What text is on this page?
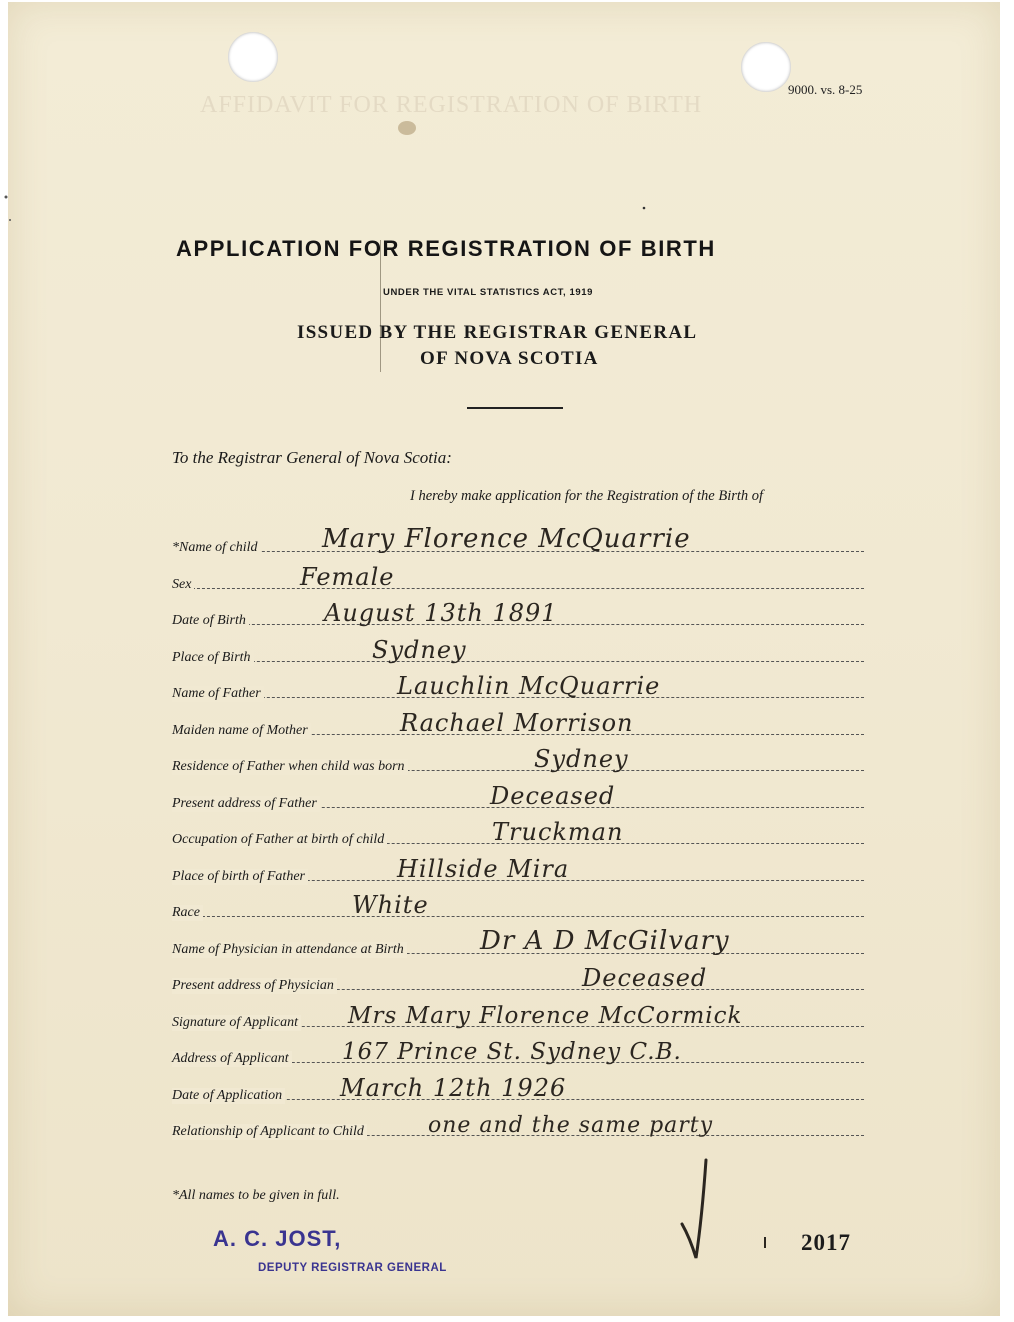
9000. vs. 8-25
AFFIDAVIT FOR REGISTRATION OF BIRTH
APPLICATION FOR REGISTRATION OF BIRTH
UNDER THE VITAL STATISTICS ACT, 1919
ISSUED BY THE REGISTRAR GENERAL
OF NOVA SCOTIA
To the Registrar General of Nova Scotia:
I hereby make application for the Registration of the Birth of
*Name of child Mary Florence McQuarrie
Sex	Female
Date of Birth	August 13th 1891
Place of Birth	Sydney
Name of Father	Lauchlin McQuarrie
Maiden name of Mother	Rachael Morrison
Residence of Father when child was born	Sydney
Present address of Father	Deceased
Occupation of Father at birth of child	Truckman
Place of birth of Father	Hillside Mira
Race	White
Name of Physician in attendance at Birth	Dr A D McGilvary
Present address of Physician	Deceased
Signature of Applicant Mrs Mary Florence McCormick
Address of Applicant 167 Prince St. Sydney C.B.
Date of Application March 12th 1926
Relationship of Applicant to Child	one and the same party
*All names to be given in full.
A. C. JOST,
DEPUTY REGISTRAR GENERAL
2017
